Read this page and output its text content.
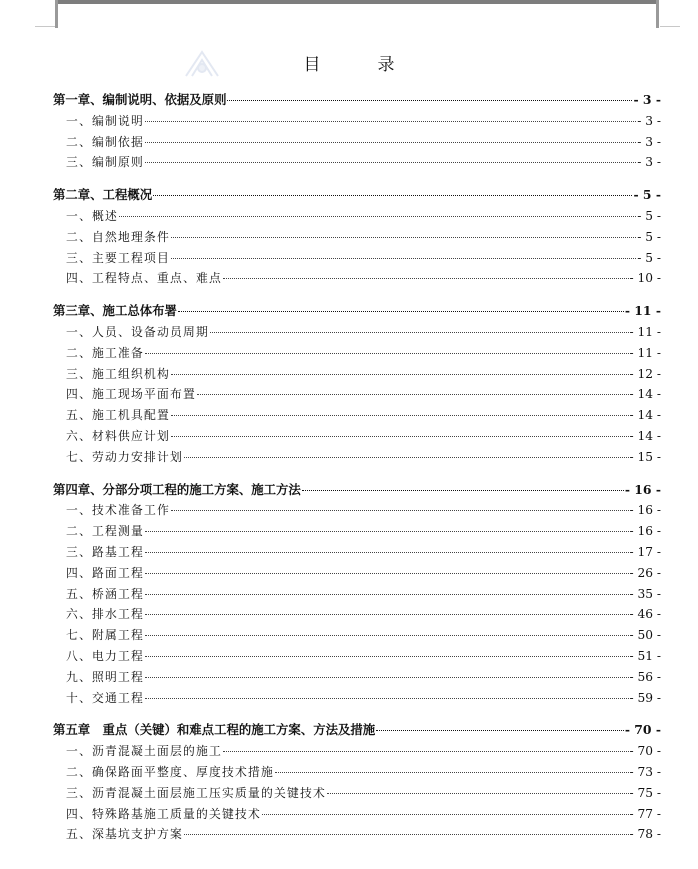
目　录
第一章、编制说明、依据及原则	- 3 -
一、编制说明	- 3 -
二、编制依据	- 3 -
三、编制原则	- 3 -
第二章、工程概况	- 5 -
一、概述	- 5 -
二、自然地理条件	- 5 -
三、主要工程项目	- 5 -
四、工程特点、重点、难点	- 10 -
第三章、施工总体布署	- 11 -
一、人员、设备动员周期	- 11 -
二、施工准备	- 11 -
三、施工组织机构	- 12 -
四、施工现场平面布置	- 14 -
五、施工机具配置	- 14 -
六、材料供应计划	- 14 -
七、劳动力安排计划	- 15 -
第四章、分部分项工程的施工方案、施工方法	- 16 -
一、技术准备工作	- 16 -
二、工程测量	- 16 -
三、路基工程	- 17 -
四、路面工程	- 26 -
五、桥涵工程	- 35 -
六、排水工程	- 46 -
七、附属工程	- 50 -
八、电力工程	- 51 -
九、照明工程	- 56 -
十、交通工程	- 59 -
第五章　重点（关键）和难点工程的施工方案、方法及措施	- 70 -
一、沥青混凝土面层的施工	- 70 -
二、确保路面平整度、厚度技术措施	- 73 -
三、沥青混凝土面层施工压实质量的关键技术	- 75 -
四、特殊路基施工质量的关键技术	- 77 -
五、深基坑支护方案	- 78 -
